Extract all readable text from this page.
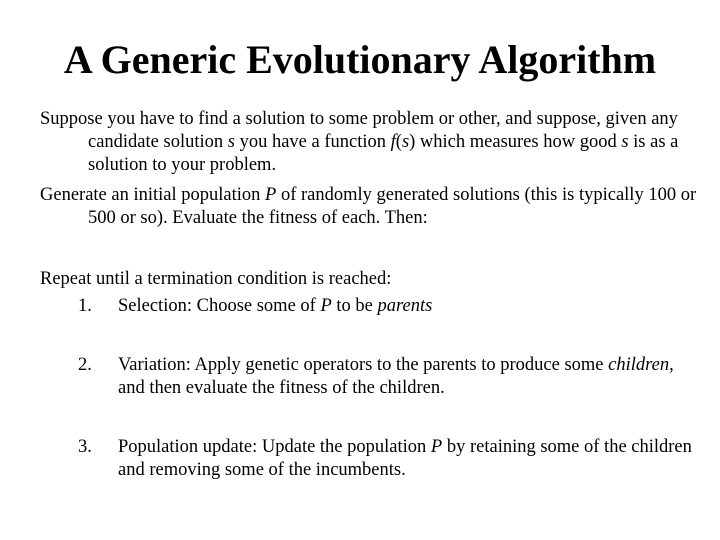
A Generic Evolutionary Algorithm
Suppose you have to find a solution to some problem or other, and suppose, given any candidate solution s you have a function f(s) which measures how good s is as a solution to your problem.
Generate an initial population P of randomly generated solutions (this is typically 100 or 500 or so). Evaluate the fitness of each. Then:
Repeat until a termination condition is reached:
1. Selection: Choose some of P to be parents
2. Variation: Apply genetic operators to the parents to produce some children, and then evaluate the fitness of the children.
3. Population update: Update the population P by retaining some of the children and removing some of the incumbents.
